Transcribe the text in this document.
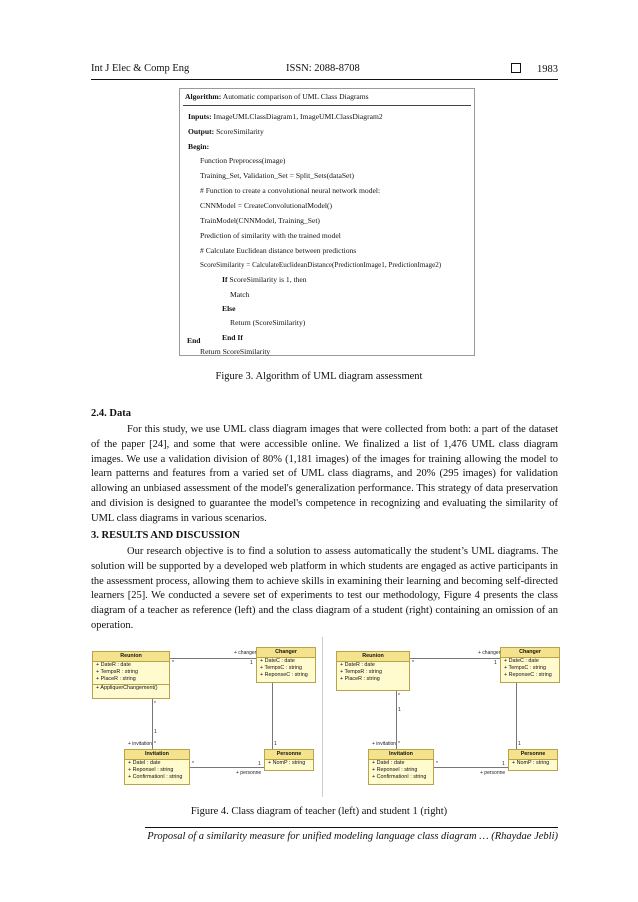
Int J Elec & Comp Eng	ISSN: 2088-8708	1983
Algorithm: Automatic comparison of UML Class Diagrams
Inputs: ImageUMLClassDiagram1, ImageUMLClassDiagram2
Output: ScoreSimilarity
Begin:
Function Preprocess(image)
Training_Set, Validation_Set = Split_Sets(dataSet)
# Function to create a convolutional neural network model:
CNNModel = CreateConvolutionalModel()
TrainModel(CNNModel, Training_Set)
Prediction of similarity with the trained model
# Calculate Euclidean distance between predictions
ScoreSimilarity = CalculateEuclideanDistance(PredictionImage1, PredictionImage2)
If ScoreSimilarity is 1, then
Match
Else
Return (ScoreSimilarity)
End If
Return ScoreSimilarity
End
Figure 3. Algorithm of UML diagram assessment
2.4. Data
For this study, we use UML class diagram images that were collected from both: a part of the dataset of the paper [24], and some that were accessible online. We finalized a list of 1,476 UML class diagram images. We use a validation division of 80% (1,181 images) of the images for training allowing the model to learn patterns and features from a varied set of UML class diagrams, and 20% (295 images) for validation allowing an unbiased assessment of the model's generalization performance. This strategy of data preservation and division is designed to guarantee the model's competence in recognizing and evaluating the similarity of UML class diagrams in various scenarios.
3. RESULTS AND DISCUSSION
Our research objective is to find a solution to assess automatically the student’s UML diagrams. The solution will be supported by a developed web platform in which students are engaged as active participants in the assessment process, allowing them to achieve skills in examining their learning and becoming self-directed learners [25]. We conducted a severe set of experiments to test our methodology, Figure 4 presents the class diagram of a teacher as reference (left) and the class diagram of a student (right) containing an omission of an operation.
Reunion
+ DateR : date
+ TempsR : string
+ PlaceR : string
+ AppliquerChangement()
Changer
+ DateC : date
+ TempsC : string
+ ReponseC : string
Invitation
+ DateI : date
+ ReponseI : string
+ ConfirmationI : string
Personne
+ NomP : string
+ changer
*	1
*
1
+ invitation *	1
*
+ personne
1
Reunion
+ DateR : date
+ TempsR : string
+ PlaceR : string
Changer
+ DateC : date
+ TempsC : string
+ ReponseC : string
Invitation
+ DateI : date
+ ReponseI : string
+ ConfirmationI : string
Personne
+ NomP : string
+ changer
*	1
*
1
+ invitation *	1
*
+ personne
1
Figure 4. Class diagram of teacher (left) and student 1 (right)
Proposal of a similarity measure for unified modeling language class diagram … (Rhaydae Jebli)
